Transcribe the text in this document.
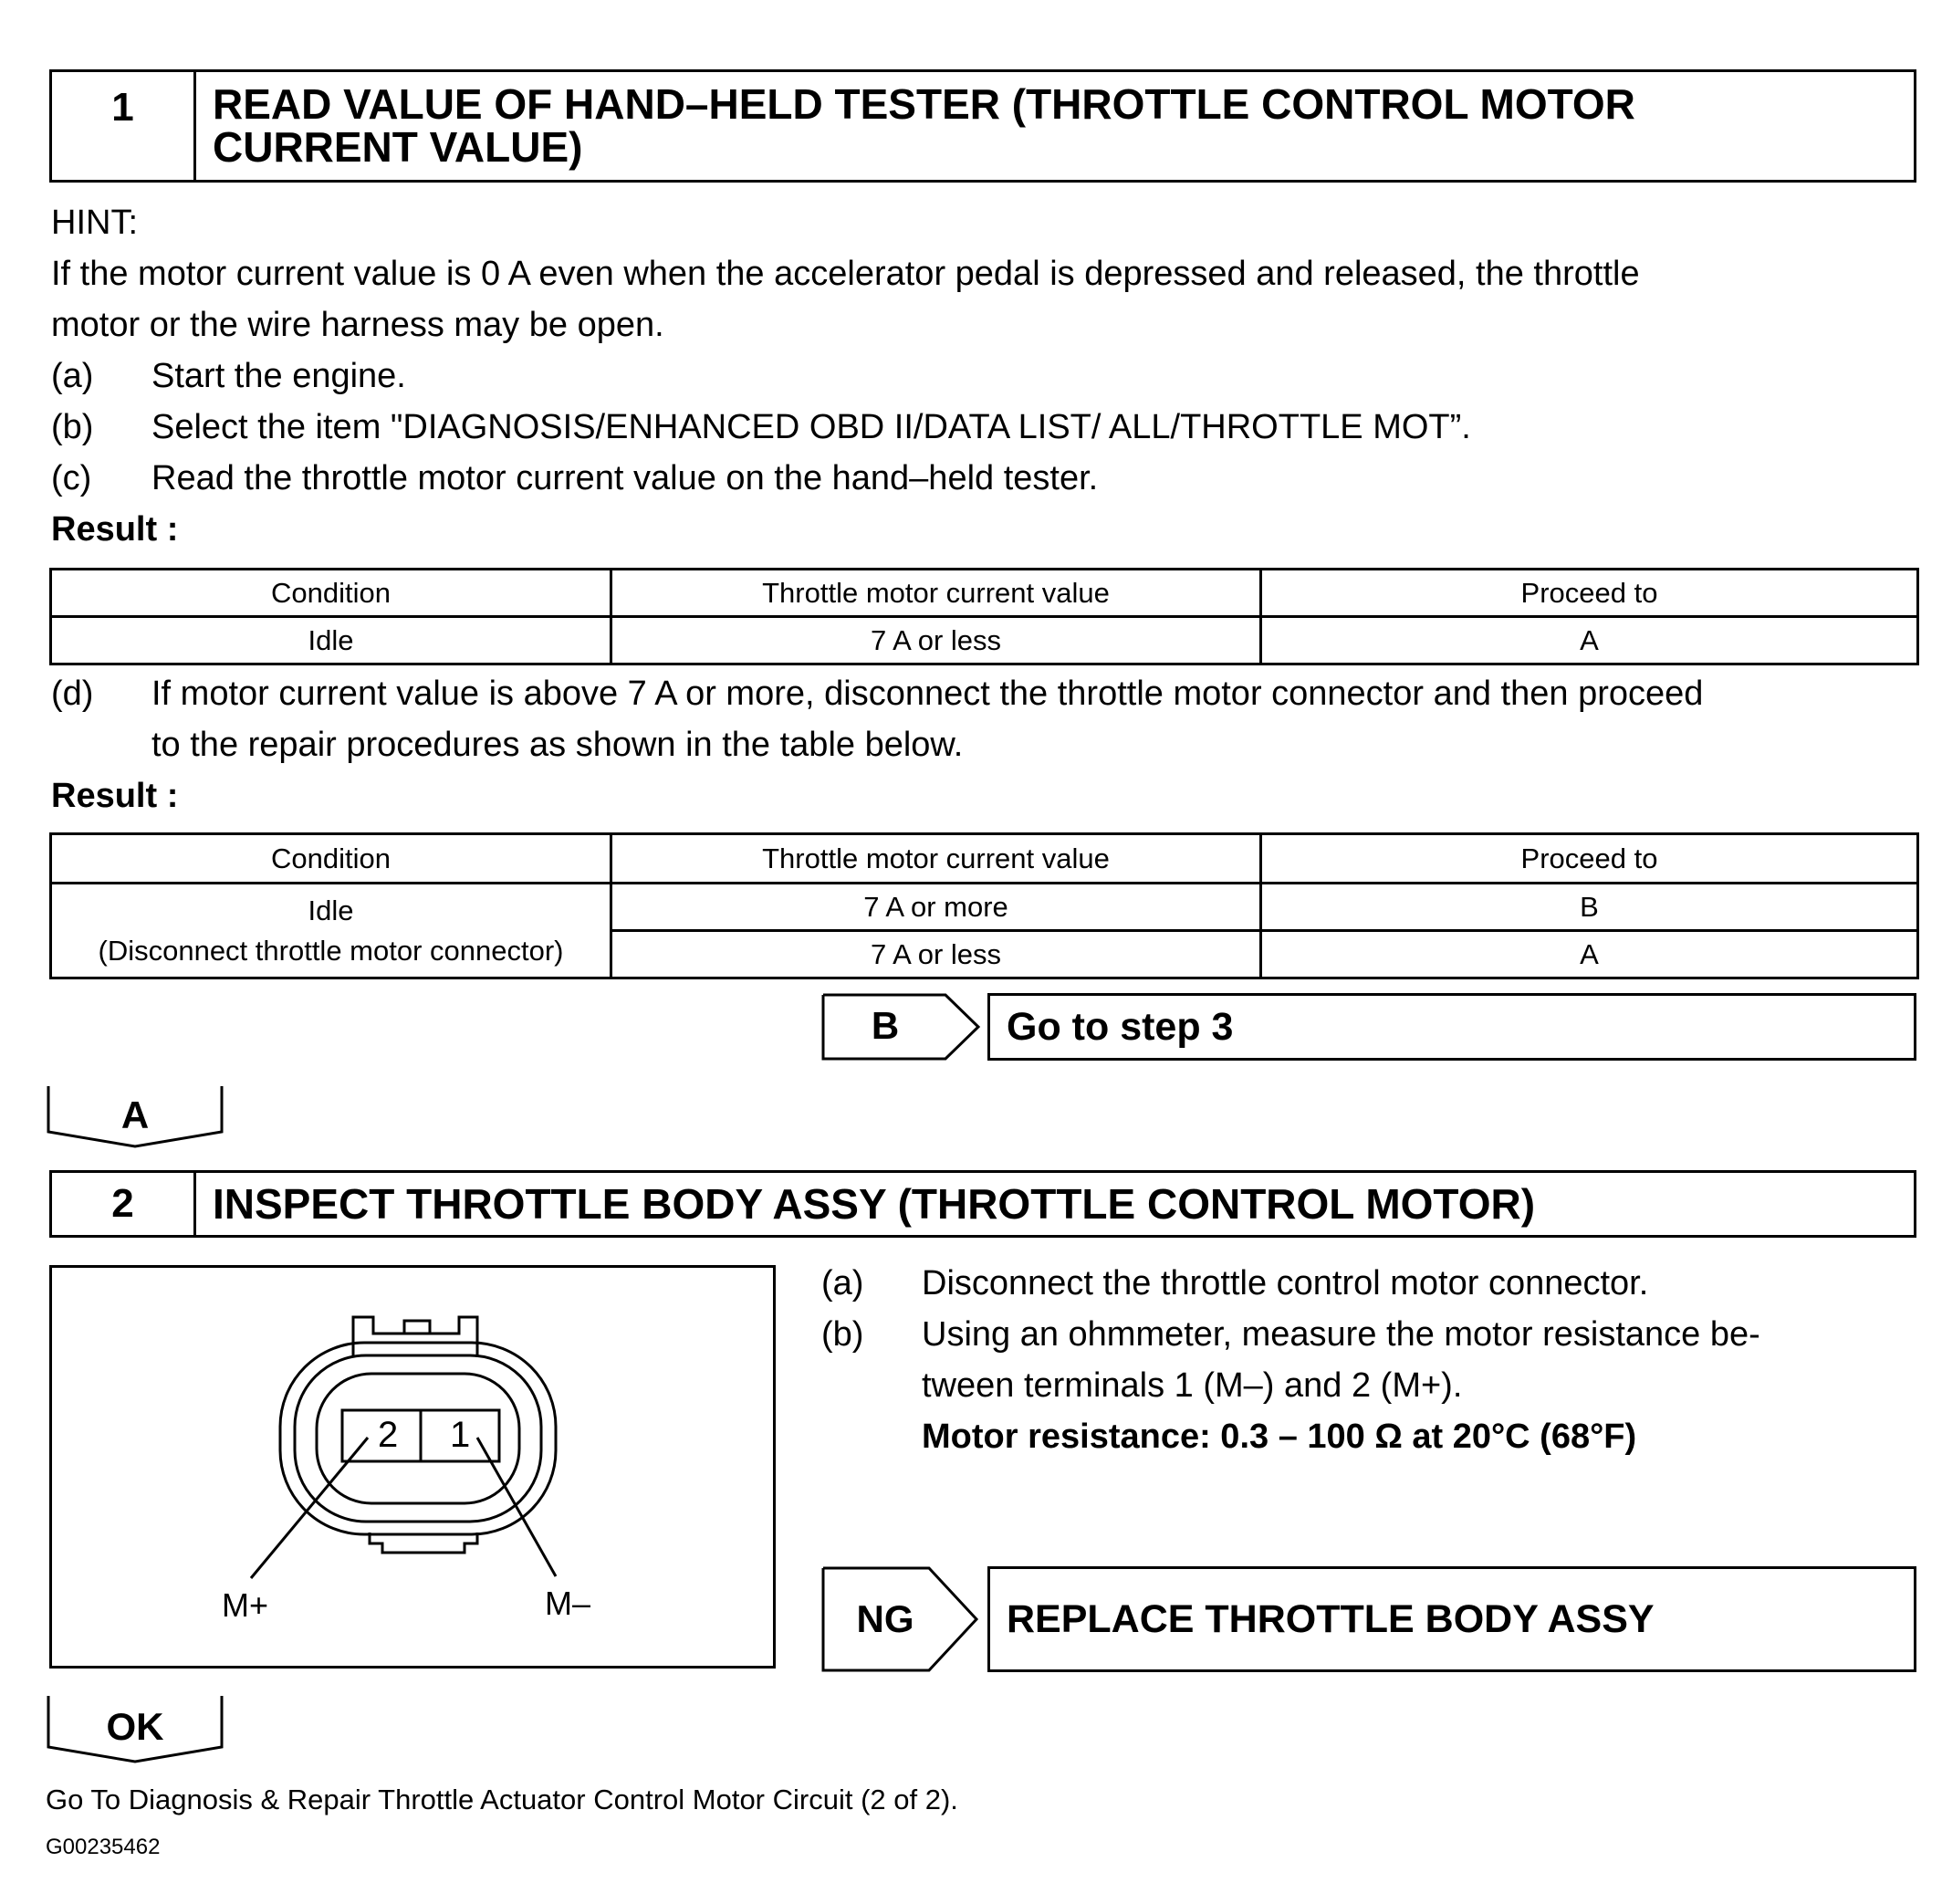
1 READ VALUE OF HAND–HELD TESTER (THROTTLE CONTROL MOTOR
CURRENT VALUE)
HINT:
If the motor current value is 0 A even when the accelerator pedal is depressed and released, the throttle
motor or the wire harness may be open.
(a) Start the engine.
(b) Select the item "DIAGNOSIS/ENHANCED OBD II/DATA LIST/ ALL/THROTTLE MOT”.
(c) Read the throttle motor current value on the hand–held tester.
Result :
Condition	Throttle motor current value	Proceed to
Idle	7 A or less	A
(d) If motor current value is above 7 A or more, disconnect the throttle motor connector and then proceed
to the repair procedures as shown in the table below.
Result :
Condition	Throttle motor current value	Proceed to

Idle
(Disconnect throttle motor connector)	7 A or more	B
	7 A or less	A
B	Go to step 3
A
2 INSPECT THROTTLE BODY ASSY (THROTTLE CONTROL MOTOR)
2 1
M+	M–
(a) Disconnect the throttle control motor connector.
(b) Using an ohmmeter, measure the motor resistance be-
tween terminals 1 (M–) and 2 (M+).
Motor resistance: 0.3 – 100 Ω at 20°C (68°F)
NG	REPLACE THROTTLE BODY ASSY
OK
Go To Diagnosis & Repair Throttle Actuator Control Motor Circuit (2 of 2).
G00235462
